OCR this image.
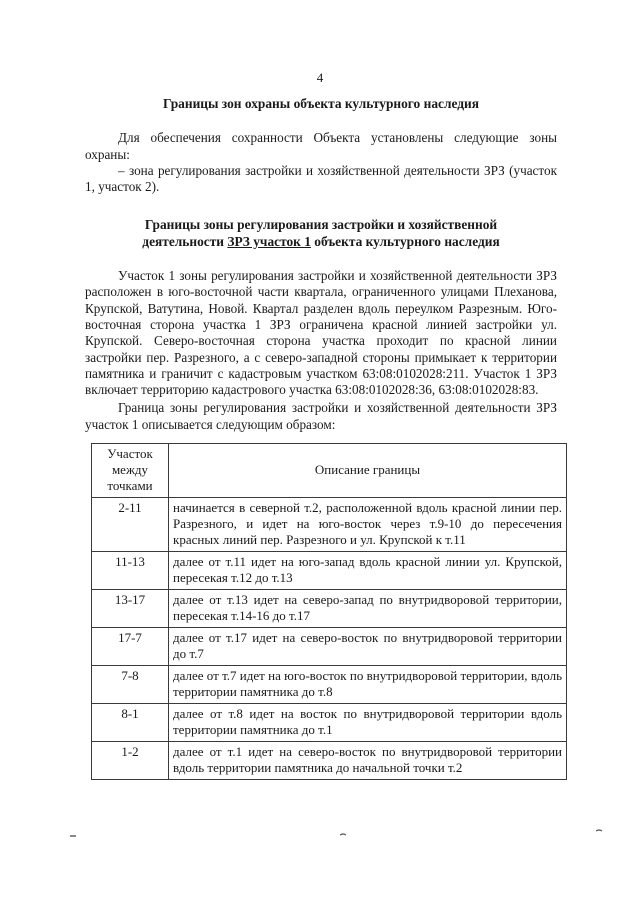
4
Границы зон охраны объекта культурного наследия

Для обеспечения сохранности Объекта установлены следующие зоны охраны:

– зона регулирования застройки и хозяйственной деятельности ЗРЗ (участок 1, участок 2).

Границы зоны регулирования застройки и хозяйственной
деятельности ЗРЗ участок 1 объекта культурного наследия

Участок 1 зоны регулирования застройки и хозяйственной деятельности ЗРЗ расположен в юго-восточной части квартала, ограниченного улицами Плеханова, Крупской, Ватутина, Новой. Квартал разделен вдоль переулком Разрезным. Юго-восточная сторона участка 1 ЗРЗ ограничена красной линией застройки ул. Крупской. Северо-восточная сторона участка проходит по красной линии застройки пер. Разрезного, а с северо-западной стороны примыкает к территории памятника и граничит с кадастровым участком 63:08:0102028:211. Участок 1 ЗРЗ включает территорию кадастрового участка 63:08:0102028:36, 63:08:0102028:83.

Граница зоны регулирования застройки и хозяйственной деятельности ЗРЗ участок 1 описывается следующим образом:

Участок между точками	Описание границы
2-11	начинается в северной т.2, расположенной вдоль красной линии пер. Разрезного, и идет на юго-восток через т.9-10 до пересечения красных линий пер. Разрезного и ул. Крупской к т.11
11-13	далее от т.11 идет на юго-запад вдоль красной линии ул. Крупской, пересекая т.12 до т.13
13-17	далее от т.13 идет на северо-запад по внутридворовой территории, пересекая т.14-16 до т.17
17-7	далее от т.17 идет на северо-восток по внутридворовой территории до т.7
7-8	далее от т.7 идет на юго-восток по внутридворовой территории, вдоль территории памятника до т.8
8-1	далее от т.8 идет на восток по внутридворовой территории вдоль территории памятника до т.1
1-2	далее от т.1 идет на северо-восток по внутридворовой территории вдоль территории памятника до начальной точки т.2
